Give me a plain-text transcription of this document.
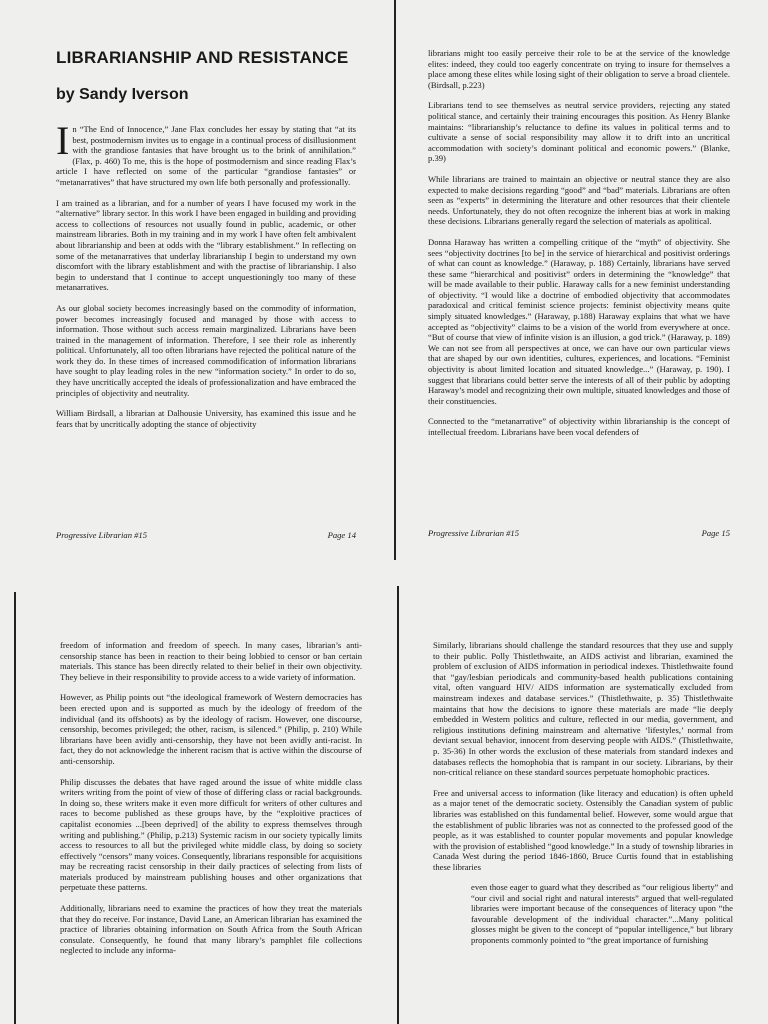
LIBRARIANSHIP AND RESISTANCE
by Sandy Iverson

In “The End of Innocence,” Jane Flax concludes her essay by stating that “at its best, postmodernism invites us to engage in a continual process of disillusionment with the grandiose fantasies that have brought us to the brink of annihilation.” (Flax, p. 460) To me, this is the hope of postmodernism and since reading Flax’s article I have reflected on some of the particular “grandiose fantasies” or “metanarratives” that have structured my own life both personally and professionally.

I am trained as a librarian, and for a number of years I have focused my work in the “alternative” library sector. In this work I have been engaged in building and providing access to collections of resources not usually found in public, academic, or other mainstream libraries. Both in my training and in my work I have often felt ambivalent about librarianship and been at odds with the “library establishment.” In reflecting on some of the metanarratives that underlay librarianship I begin to understand my own discomfort with the library establishment and with the practise of librarianship. I also begin to understand that I continue to accept unquestioningly too many of these metanarratives.

As our global society becomes increasingly based on the commodity of information, power becomes increasingly focused and managed by those with access to information. Those without such access remain marginalized. Librarians have been trained in the management of information. Therefore, I see their role as inherently political. Unfortunately, all too often librarians have rejected the political nature of the work they do. In these times of increased commodification of information librarians have sought to play leading roles in the new “information society.” In order to do so, they have uncritically accepted the ideals of professionalization and have embraced the principles of objectivity and neutrality.

William Birdsall, a librarian at Dalhousie University, has examined this issue and he fears that by uncritically adopting the stance of objectivity

Progressive Librarian #15	Page 14

librarians might too easily perceive their role to be at the service of the knowledge elites: indeed, they could too eagerly concentrate on trying to insure for themselves a place among these elites while losing sight of their obligation to serve a broad clientele. (Birdsall, p.223)

Librarians tend to see themselves as neutral service providers, rejecting any stated political stance, and certainly their training encourages this position. As Henry Blanke maintains: “librarianship’s reluctance to define its values in political terms and to cultivate a sense of social responsibility may allow it to drift into an uncritical accommodation with society’s dominant political and economic powers.” (Blanke, p.39)

While librarians are trained to maintain an objective or neutral stance they are also expected to make decisions regarding “good” and “bad” materials. Librarians are often seen as “experts” in determining the literature and other resources that their clientele needs. Unfortunately, they do not often recognize the inherent bias at work in making these decisions. Librarians generally regard the selection of materials as apolitical.

Donna Haraway has written a compelling critique of the “myth” of objectivity. She sees “objectivity doctrines [to be] in the service of hierarchical and positivist orderings of what can count as knowledge.” (Haraway, p. 188) Certainly, librarians have served these same “hierarchical and positivist” orders in determining the “knowledge” that will be made available to their public. Haraway calls for a new feminist understanding of objectivity. “I would like a doctrine of embodied objectivity that accommodates paradoxical and critical feminist science projects: feminist objectivity means quite simply situated knowledges.” (Haraway, p.188) Haraway explains that what we have accepted as “objectivity” claims to be a vision of the world from everywhere at once. “But of course that view of infinite vision is an illusion, a god trick.” (Haraway, p. 189) We can not see from all perspectives at once, we can have our own particular views that are shaped by our own identities, cultures, experiences, and locations. “Feminist objectivity is about limited location and situated knowledge...” (Haraway, p. 190). I suggest that librarians could better serve the interests of all of their public by adopting Haraway’s model and recognizing their own multiple, situated knowledges and those of their constituencies.

Connected to the “metanarrative” of objectivity within librarianship is the concept of intellectual freedom. Librarians have been vocal defenders of

Progressive Librarian #15	Page 15

freedom of information and freedom of speech. In many cases, librarian’s anti-censorship stance has been in reaction to their being lobbied to censor or ban certain materials. This stance has been directly related to their belief in their own objectivity. They believe in their responsibility to provide access to a wide variety of information.

However, as Philip points out “the ideological framework of Western democracies has been erected upon and is supported as much by the ideology of freedom of the individual (and its offshoots) as by the ideology of racism. However, one discourse, censorship, becomes privileged; the other, racism, is silenced.” (Philip, p. 210) While librarians have been avidly anti-censorship, they have not been avidly anti-racist. In fact, they do not acknowledge the inherent racism that is active within the discourse of anti-censorship.

Philip discusses the debates that have raged around the issue of white middle class writers writing from the point of view of those of differing class or racial backgrounds. In doing so, these writers make it even more difficult for writers of other cultures and races to become published as these groups have, by the “exploitive practices of capitalist economies ...[been deprived] of the ability to express themselves through writing and publishing.” (Philip, p.213) Systemic racism in our society typically limits access to resources to all but the privileged white middle class, by doing so society effectively “censors” many voices. Consequently, librarians responsible for acquisitions may be recreating racist censorship in their daily practices of selecting from lists of materials produced by mainstream publishing houses and other organizations that perpetuate these patterns.

Additionally, librarians need to examine the practices of how they treat the materials that they do receive. For instance, David Lane, an American librarian has examined the practice of libraries obtaining information on South Africa from the South African consulate. Consequently, he found that many library’s pamphlet file collections neglected to include any informa-

Similarly, librarians should challenge the standard resources that they use and supply to their public. Polly Thistlethwaite, an AIDS activist and librarian, examined the problem of exclusion of AIDS information in periodical indexes. Thistlethwaite found that “gay/lesbian periodicals and community-based health publications containing vital, often vanguard HIV/ AIDS information are systematically excluded from mainstream indexes and database services.” (Thistlethwaite, p. 35) Thistlethwaite maintains that how the decisions to ignore these materials are made “lie deeply embedded in Western politics and culture, reflected in our media, government, and religious institutions defining mainstream and alternative ‘lifestyles,’ normal from deviant sexual behavior, innocent from deserving people with AIDS.” (Thistlethwaite, p. 35-36) In other words the exclusion of these materials from standard indexes and databases reflects the homophobia that is rampant in our society. Librarians, by their non-critical reliance on these standard sources perpetuate homophobic practices.

Free and universal access to information (like literacy and education) is often upheld as a major tenet of the democratic society. Ostensibly the Canadian system of public libraries was established on this fundamental belief. However, some would argue that the establishment of public libraries was not as connected to the professed good of the people, as it was established to counter popular movements and popular knowledge with the provision of established “good knowledge.” In a study of township libraries in Canada West during the period 1846-1860, Bruce Curtis found that in establishing these libraries

even those eager to guard what they described as “our religious liberty” and “our civil and social right and natural interests” argued that well-regulated libraries were important because of the consequences of literacy upon “the favourable development of the individual character.”...Many political glosses might be given to the concept of “popular intelligence,” but library proponents commonly pointed to “the great importance of furnishing
